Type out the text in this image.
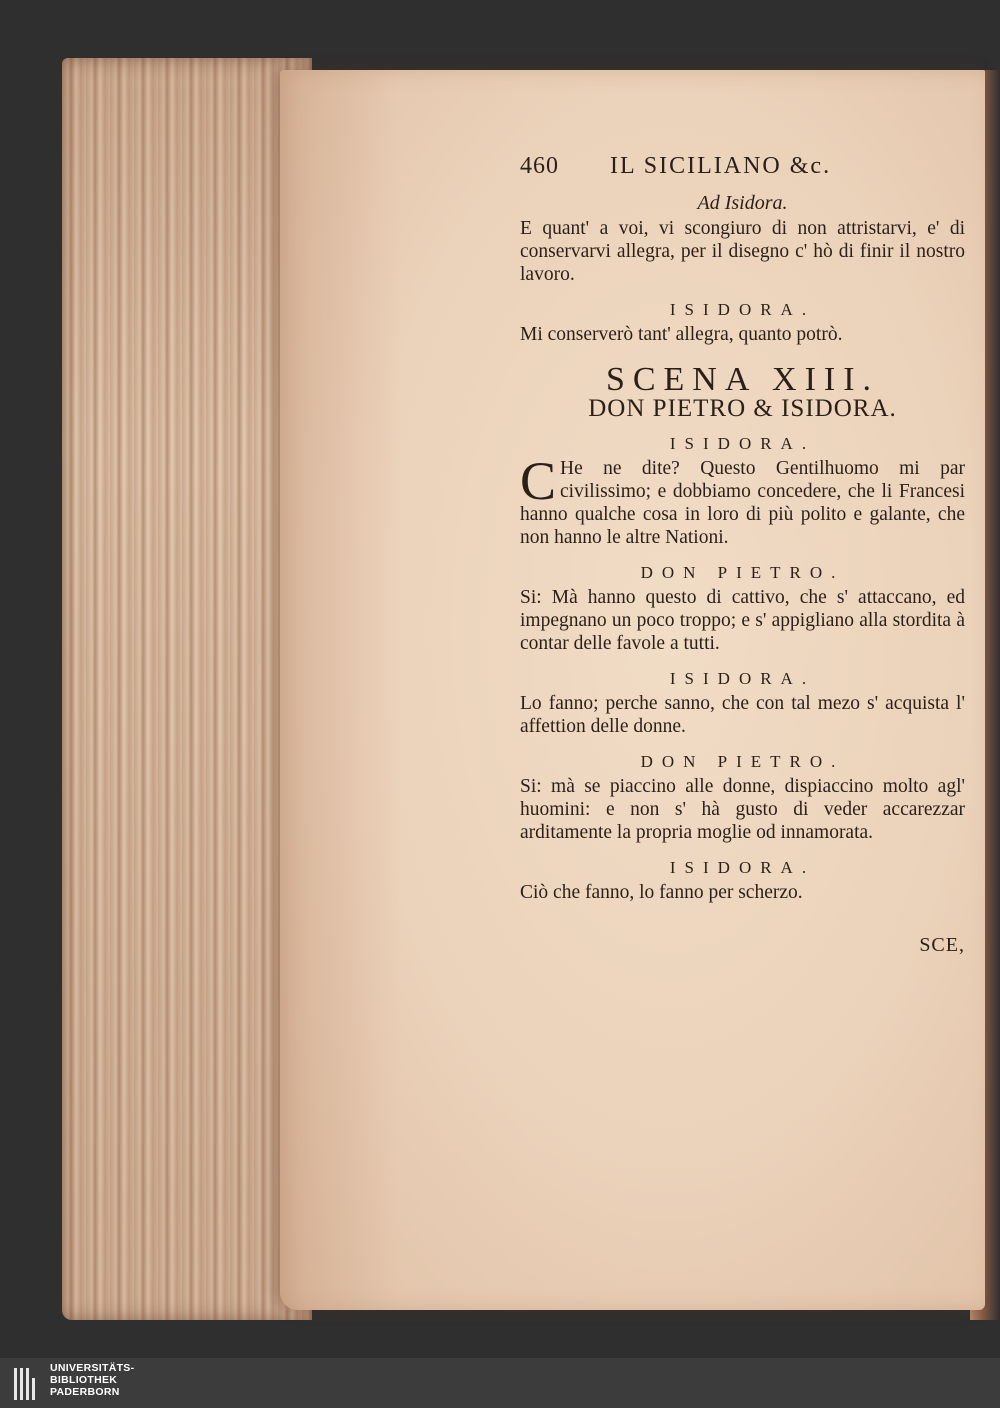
460	IL SICILIANO &c.
Ad Isidora.

E quant' a voi, vi scongiuro di non attristarvi, e' di conservarvi allegra, per il disegno c' hò di finir il nostro lavoro.

ISIDORA.

Mi conserverò tant' allegra, quanto potrò.

SCENA XIII.
DON PIETRO & ISIDORA.
ISIDORA.

C He ne dite? Questo Gentilhuomo mi par civilissimo; e dobbiamo concedere, che li Francesi hanno qualche cosa in loro di più polito e galante, che non hanno le altre Nationi.

DON PIETRO.

Si: Mà hanno questo di cattivo, che s' attaccano, ed impegnano un poco troppo; e s' appigliano alla stordita à contar delle favole a tutti.

ISIDORA.

Lo fanno; perche sanno, che con tal mezo s' acquista l' affettion delle donne.

DON PIETRO.

Si: mà se piaccino alle donne, dispiaccino molto agl' huomini: e non s' hà gusto di veder accarezzar arditamente la propria moglie od innamorata.

ISIDORA.

Ciò che fanno, lo fanno per scherzo.

SCE,
UNIVERSITÄTS-
BIBLIOTHEK
PADERBORN
